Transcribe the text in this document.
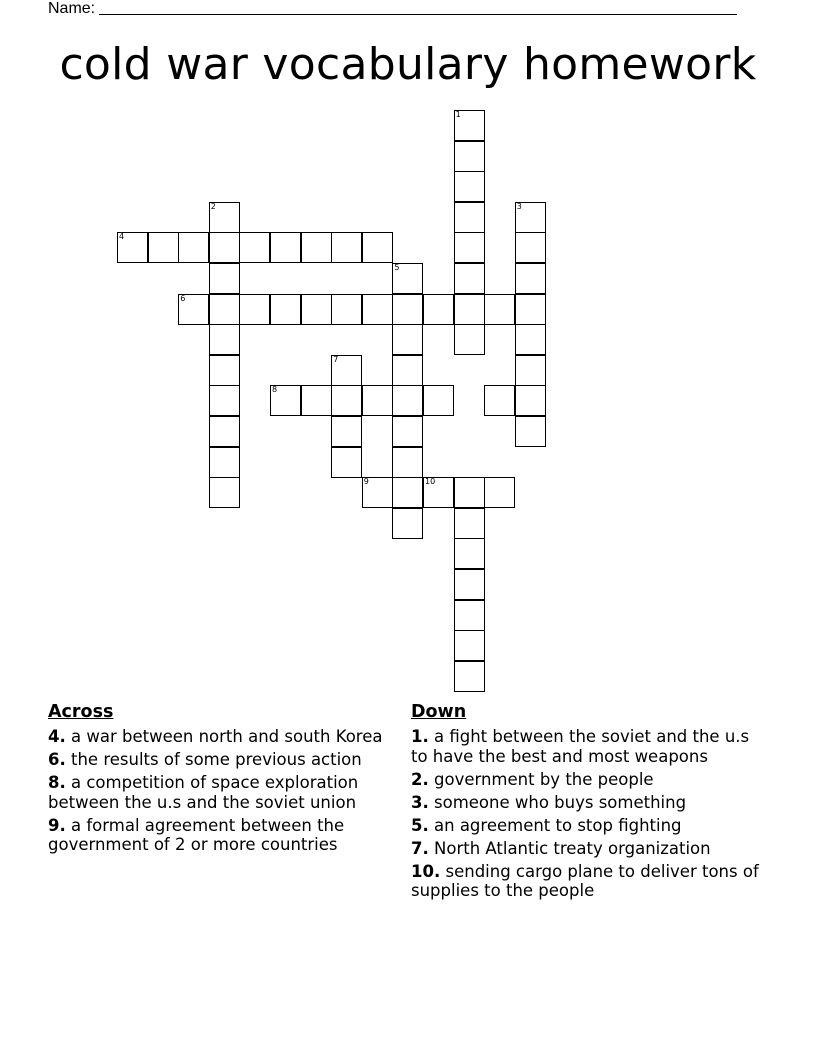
Name:
cold war vocabulary homework
1
2	3
4
5
6
7
8
9	10
Across
4. a war between north and south Korea
6. the results of some previous action
8. a competition of space exploration between the u.s and the soviet union
9. a formal agreement between the government of 2 or more countries
Down
1. a fight between the soviet and the u.s to have the best and most weapons
2. government by the people
3. someone who buys something
5. an agreement to stop fighting
7. North Atlantic treaty organization
10. sending cargo plane to deliver tons of supplies to the people
